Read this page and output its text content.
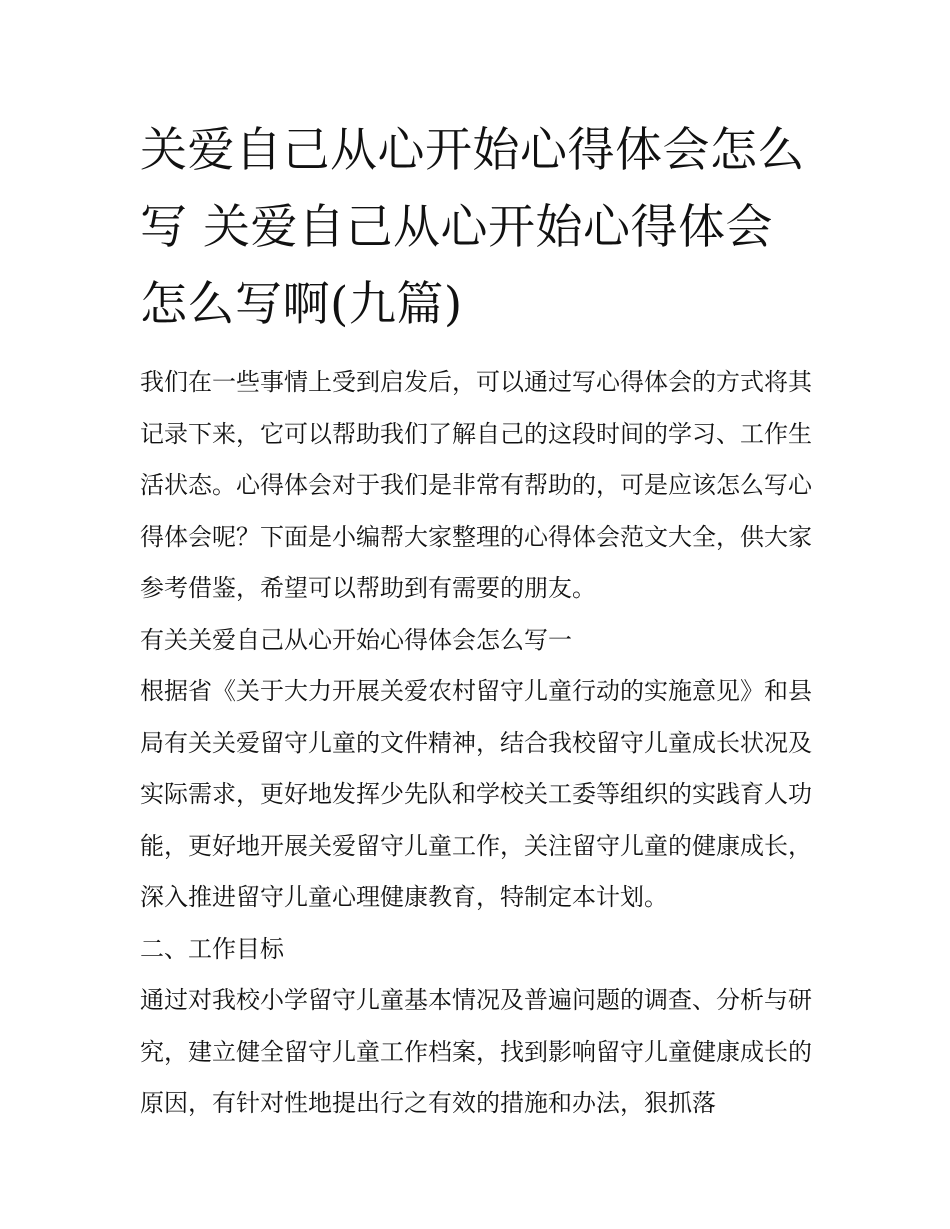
关爱自己从心开始心得体会怎么写 关爱自己从心开始心得体会怎么写啊(九篇)

我们在一些事情上受到启发后，可以通过写心得体会的方式将其记录下来，它可以帮助我们了解自己的这段时间的学习、工作生活状态。心得体会对于我们是非常有帮助的，可是应该怎么写心得体会呢？下面是小编帮大家整理的心得体会范文大全，供大家参考借鉴，希望可以帮助到有需要的朋友。

有关关爱自己从心开始心得体会怎么写一

根据省《关于大力开展关爱农村留守儿童行动的实施意见》和县局有关关爱留守儿童的文件精神，结合我校留守儿童成长状况及实际需求，更好地发挥少先队和学校关工委等组织的实践育人功能，更好地开展关爱留守儿童工作，关注留守儿童的健康成长，深入推进留守儿童心理健康教育，特制定本计划。

二、工作目标

通过对我校小学留守儿童基本情况及普遍问题的调查、分析与研究，建立健全留守儿童工作档案，找到影响留守儿童健康成长的原因，有针对性地提出行之有效的措施和办法，狠抓落
